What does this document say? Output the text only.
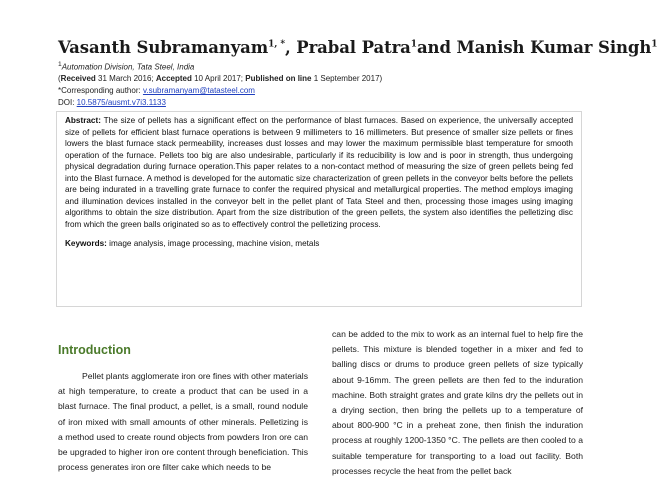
Vasanth Subramanyam$^{1, *}$, Prabal Patra$^1$and Manish Kumar Singh$^1$
$^1$Automation Division, Tata Steel, India
(Received 31 March 2016; Accepted 10 April 2017; Published on line 1 September 2017)
*Corresponding author: v.subramanyam@tatasteel.com
DOI: 10.5875/ausmt.v7i3.1133

Abstract: The size of pellets has a significant effect on the performance of blast furnaces. Based on experience, the universally accepted size of pellets for efficient blast furnace operations is between 9 millimeters to 16 millimeters. But presence of smaller size pellets or fines lowers the blast furnace stack permeability, increases dust losses and may lower the maximum permissible blast temperature for smooth operation of the furnace. Pellets too big are also undesirable, particularly if its reducibility is low and is poor in strength, thus undergoing physical degradation during furnace operation.This paper relates to a non-contact method of measuring the size of green pellets being fed into the Blast furnace. A method is developed for the automatic size characterization of green pellets in the conveyor belts before the pellets are being indurated in a travelling grate furnace to confer the required physical and metallurgical properties. The method employs imaging and illumination devices installed in the conveyor belt in the pellet plant of Tata Steel and then, processing those images using imaging algorithms to obtain the size distribution. Apart from the size distribution of the green pellets, the system also identifies the pelletizing disc from which the green balls originated so as to effectively control the pelletizing process.

Keywords: image analysis, image processing, machine vision, metals
Introduction

Pellet plants agglomerate iron ore fines with other materials at high temperature, to create a product that can be used in a blast furnace. The final product, a pellet, is a small, round nodule of iron mixed with small amounts of other minerals. Pelletizing is a method used to create round objects from powders Iron ore can be upgraded to higher iron ore content through beneficiation. This process generates iron ore filter cake which needs to be

can be added to the mix to work as an internal fuel to help fire the pellets. This mixture is blended together in a mixer and fed to balling discs or drums to produce green pellets of size typically about 9-16mm. The green pellets are then fed to the induration machine. Both straight grates and grate kilns dry the pellets out in a drying section, then bring the pellets up to a temperature of about 800-900 °C in a preheat zone, then finish the induration process at roughly 1200-1350 °C. The pellets are then cooled to a suitable temperature for transporting to a load out facility. Both processes recycle the heat from the pellet back
